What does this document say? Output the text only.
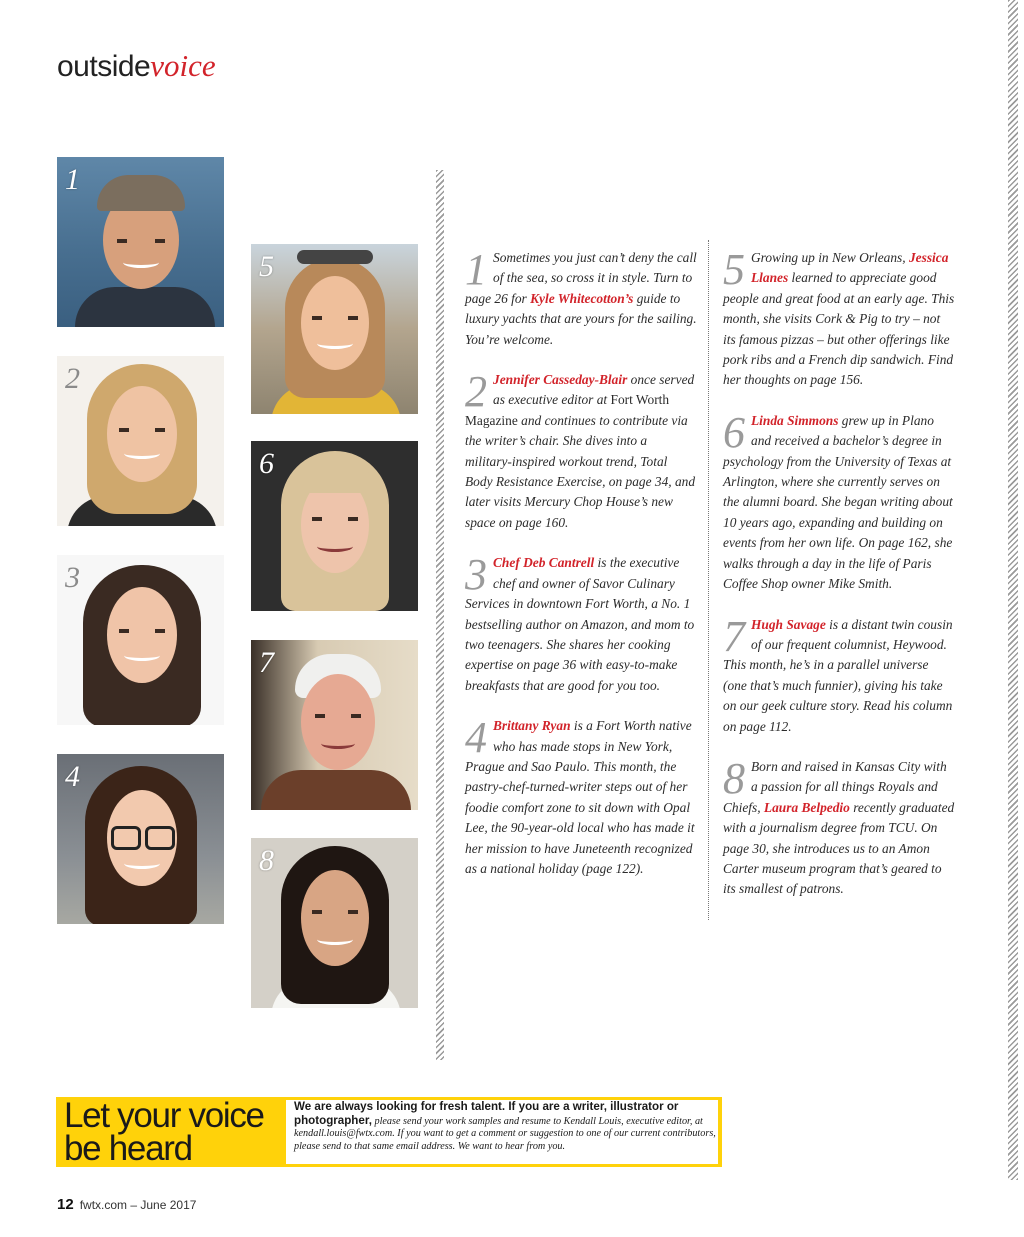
outsidevoice
1
2
3
4
5
6
7
8

1 Sometimes you just can’t deny the call of the sea, so cross it in style. Turn to page 26 for Kyle Whitecotton’s guide to luxury yachts that are yours for the sailing. You’re welcome.

2 Jennifer Casseday-Blair once served as executive editor at Fort Worth Magazine and continues to contribute via the writer’s chair. She dives into a military-inspired workout trend, Total Body Resistance Exercise, on page 34, and later visits Mercury Chop House’s new space on page 160.

3 Chef Deb Cantrell is the executive chef and owner of Savor Culinary Services in downtown Fort Worth, a No. 1 bestselling author on Amazon, and mom to two teenagers. She shares her cooking expertise on page 36 with easy-to-make breakfasts that are good for you too.

4 Brittany Ryan is a Fort Worth native who has made stops in New York, Prague and Sao Paulo. This month, the pastry-chef-turned-writer steps out of her foodie comfort zone to sit down with Opal Lee, the 90-year-old local who has made it her mission to have Juneteenth recognized as a national holiday (page 122).

5 Growing up in New Orleans, Jessica Llanes learned to appreciate good people and great food at an early age. This month, she visits Cork & Pig to try – not its famous pizzas – but other offerings like pork ribs and a French dip sandwich. Find her thoughts on page 156.

6 Linda Simmons grew up in Plano and received a bachelor’s degree in psychology from the University of Texas at Arlington, where she currently serves on the alumni board. She began writing about 10 years ago, expanding and building on events from her own life. On page 162, she walks through a day in the life of Paris Coffee Shop owner Mike Smith.

7 Hugh Savage is a distant twin cousin of our frequent columnist, Heywood. This month, he’s in a parallel universe (one that’s much funnier), giving his take on our geek culture story. Read his column on page 112.

8 Born and raised in Kansas City with a passion for all things Royals and Chiefs, Laura Belpedio recently graduated with a journalism degree from TCU. On page 30, she introduces us to an Amon Carter museum program that’s geared to its smallest of patrons.

Let your voice
be heard
We are always looking for fresh talent. If you are a writer, illustrator or photographer, please send your work samples and resume to Kendall Louis, executive editor, at kendall.louis@fwtx.com. If you want to get a comment or suggestion to one of our current contributors, please send to that same email address. We want to hear from you.
12 fwtx.com – June 2017
